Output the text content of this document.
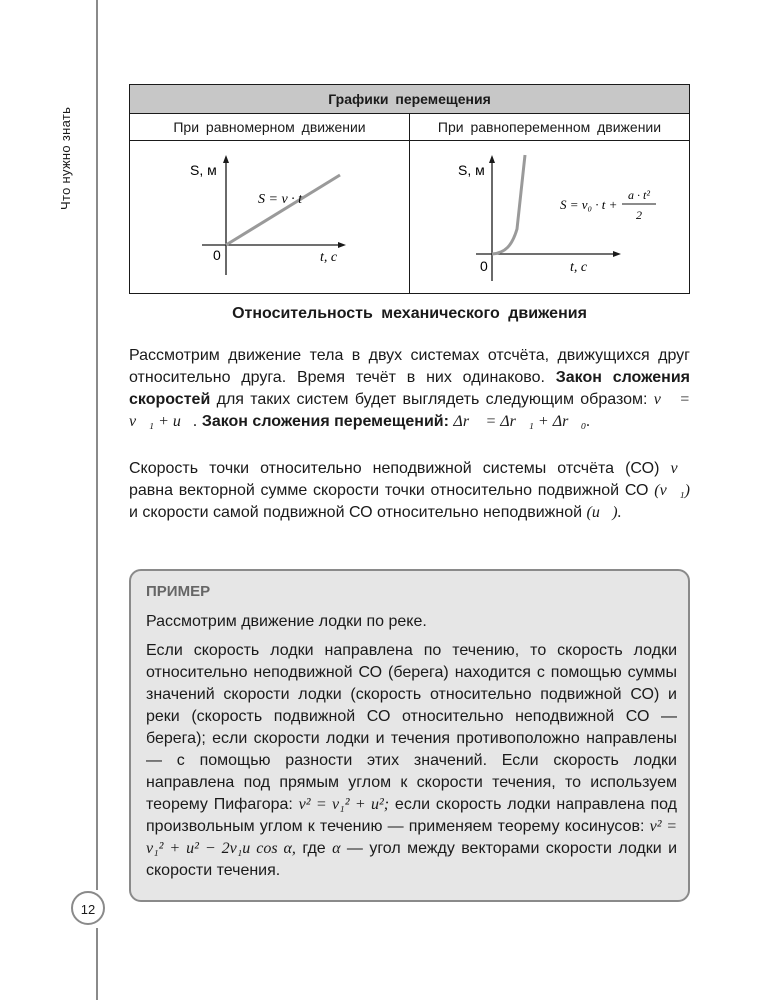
Что нужно знать
12
Графики перемещения
При равномерном движении	При равнопеременном движении
S, м
S = v · t
0	t, c
S, м
S = v₀ · t +
a · t²
2
0	t, c
Относительность механического движения

Рассмотрим движение тела в двух системах отсчёта, движущихся друг относительно друга. Время течёт в них одинаково. Закон сложения скоростей для таких систем будет выглядеть следующим образом: v⃗ = v⃗₁ + u⃗. Закон сложения перемещений: Δr⃗ = Δr⃗₁ + Δr⃗₀.

Скорость точки относительно неподвижной системы отсчёта (СО) v⃗ равна векторной сумме скорости точки относительно подвижной СО (v⃗₁) и скорости самой подвижной СО относительно неподвижной (u⃗).

ПРИМЕР

Рассмотрим движение лодки по реке.

Если скорость лодки направлена по течению, то скорость лодки относительно неподвижной СО (берега) находится с помощью суммы значений скорости лодки (скорость относительно подвижной СО) и реки (скорость подвижной СО относительно неподвижной СО — берега); если скорости лодки и течения противоположно направлены — с помощью разности этих значений. Если скорость лодки направлена под прямым углом к скорости течения, то используем теорему Пифагора: v² = v₁² + u²; если скорость лодки направлена под произвольным углом к течению — применяем теорему косинусов: v² = v₁² + u² − 2v₁u cos α, где α — угол между векторами скорости лодки и скорости течения.
